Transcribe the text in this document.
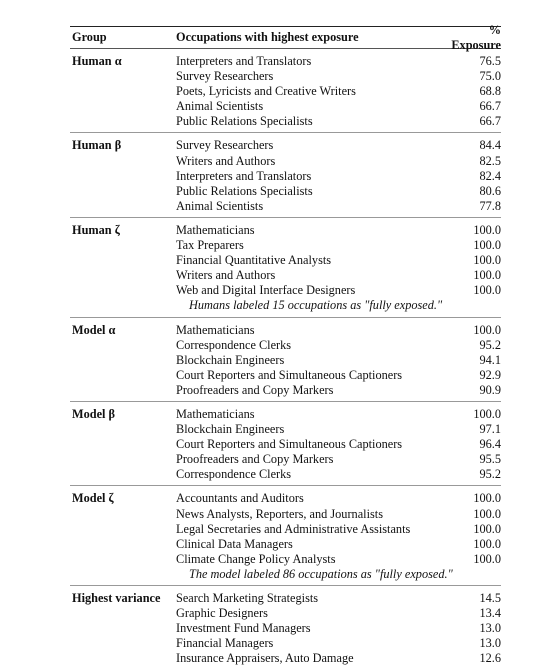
Group	Occupations with highest exposure
% Exposure
Human α	Interpreters and Translators	76.5
Survey Researchers	75.0
Poets, Lyricists and Creative Writers	68.8
Animal Scientists	66.7
Public Relations Specialists	66.7
Human β	Survey Researchers	84.4
Writers and Authors	82.5
Interpreters and Translators	82.4
Public Relations Specialists	80.6
Animal Scientists	77.8
Human ζ	Mathematicians	100.0
Tax Preparers	100.0
Financial Quantitative Analysts	100.0
Writers and Authors	100.0
Web and Digital Interface Designers	100.0
Humans labeled 15 occupations as "fully exposed."
Model α	Mathematicians	100.0
Correspondence Clerks	95.2
Blockchain Engineers	94.1
Court Reporters and Simultaneous Captioners	92.9
Proofreaders and Copy Markers	90.9
Model β	Mathematicians	100.0
Blockchain Engineers	97.1
Court Reporters and Simultaneous Captioners	96.4
Proofreaders and Copy Markers	95.5
Correspondence Clerks	95.2
Model ζ	Accountants and Auditors	100.0
News Analysts, Reporters, and Journalists	100.0
Legal Secretaries and Administrative Assistants	100.0
Clinical Data Managers	100.0
Climate Change Policy Analysts	100.0
The model labeled 86 occupations as "fully exposed."
Highest variance	Search Marketing Strategists	14.5
Graphic Designers	13.4
Investment Fund Managers	13.0
Financial Managers	13.0
Insurance Appraisers, Auto Damage	12.6
